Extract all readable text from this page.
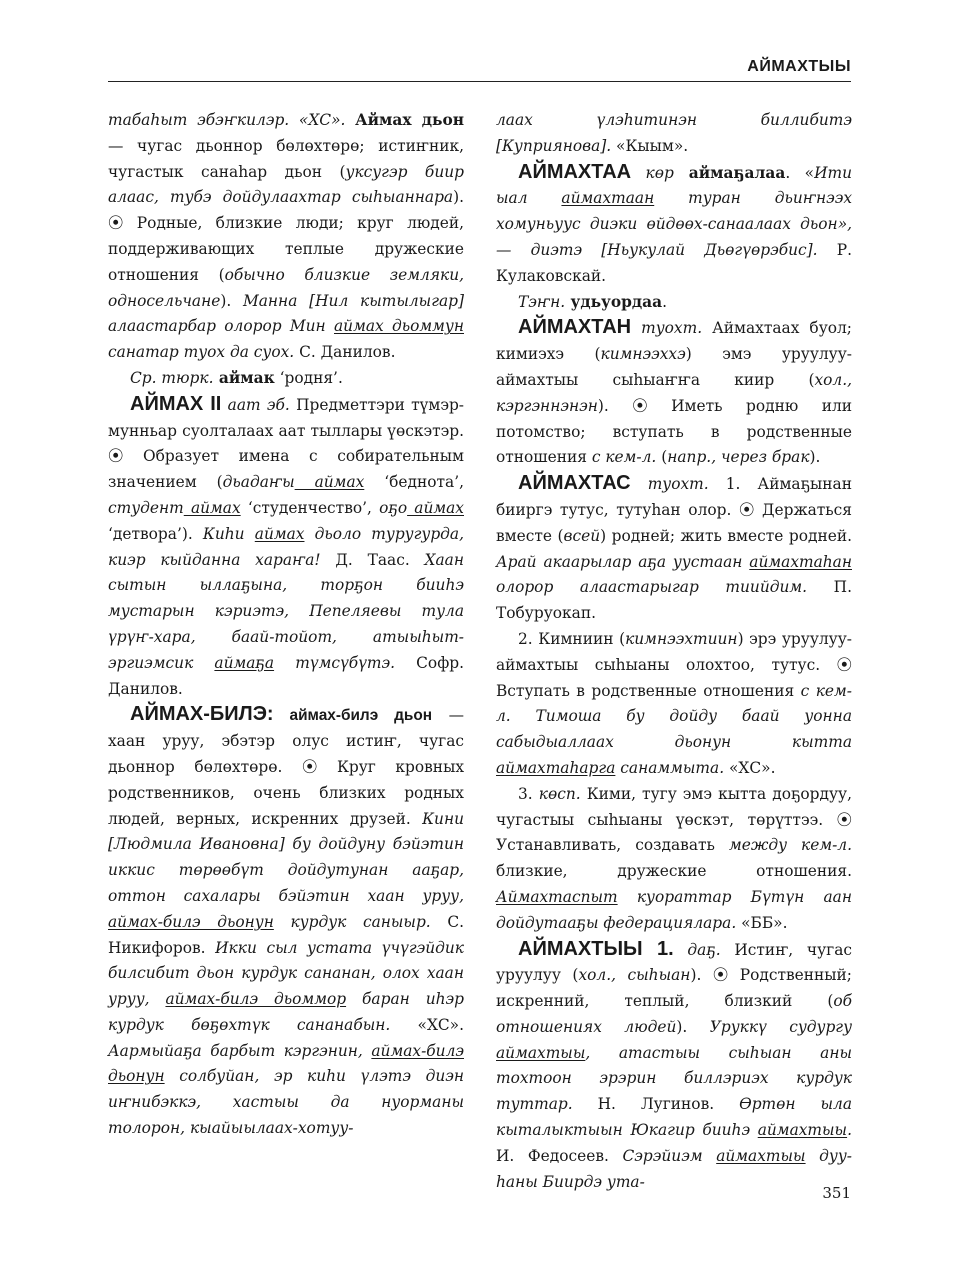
АЙМАХТЫЫ

табаһыт эбэҥкилэр. «ХС». Аймах дьон — чугас дьоннор бөлөхтөрө; истиҥник, чугастык санаһар дьон (уксугэр биир алаас, тубэ дойдулаахтар сыһыаннара). ⦿ Родные, близкие люди; круг людей, поддерживающих теплые дружеские отношения (обычно близкие земляки, односельчане). Манна [Нил кытылыгар] алаастарбар олорор Мин аймах дьоммун санатар туох да суох. С. Данилов.

Ср. тюрк. аймак ‘родня’.

АЙМАХ II аат эб. Предметтэри түмэр-мунньар суолталаах аат тыллары үөскэтэр. ⦿ Образует имена с собирательным значением (дьадаҥы аймах ‘беднота’, студент аймах ‘студенчество’, оҕо аймах ‘детвора’). Киһи аймах дьоло туругурда, киэр кыйданна хараҥа! Д. Таас. Хаан сытын ыллаҕына, торҕон бииһэ мустарын кэриэтэ, Пепеляевы тула үрүҥ-хара, баай-тойот, атыыһыт-эргиэмсик аймаҕа түмсүбүтэ. Софр. Данилов.

АЙМАХ-БИЛЭ: аймах-билэ дьон — хаан уруу, эбэтэр олус истиҥ, чугас дьоннор бөлөхтөрө. ⦿ Круг кровных родственников, очень близких родных людей, верных, искренних друзей. Кини [Людмила Ивановна] бу дойдуну бэйэтин иккис төрөөбүт дойдутунан ааҕар, оттон сахалары бэйэтин хаан уруу, аймах-билэ дьонун курдук саныыр. С. Никифоров. Икки сыл устата үчүгэйдик билсибит дьон курдук сананан, олох хаан уруу, аймах-билэ дьоммор баран иһэр курдук бөҕөхтүк сананабын. «ХС». Аармыйаҕа барбыт кэргэнин, аймах-билэ дьонун солбуйан, эр киһи үлэтэ диэн иҥнибэккэ, хастыы да нуорманы толорон, кыайыылаах-хотуу-

лаах үлэһитинэн биллибитэ [Куприянова]. «Кыым».

АЙМАХТАА көр аймаҕалаа. «Ити ыал аймахтаан туран дьиҥнээх хомуньуус диэки өйдөөх-санаалаах дьон», — диэтэ [Ньукулай Дьөгүөрэбис]. Р. Кулаковскай.

Тэҥн. удьуордаа.

АЙМАХТАН туохт. Аймахтаах буол; кимиэхэ (кимнээххэ) эмэ уруулуу-аймахтыы сыһыаҥҥа киир (хол., кэргэннэнэн). ⦿ Иметь родню или потомство; вступать в родственные отношения с кем-л. (напр., через брак).

АЙМАХТАС туохт. 1. Аймаҕынан бииргэ тутус, тутуһан олор. ⦿ Держаться вместе (всей) родней; жить вместе родней. Арай акаарылар аҕа уустаан аймахтаһан олорор алаастарыгар тиийдим. П. Тобуруокап.

2. Кимниин (кимнээхтиин) эрэ уруулуу-аймахтыы сыһыаны олохтоо, тутус. ⦿ Вступать в родственные отношения с кем-л. Тимоша бу дойду баай уонна сабыдыаллаах дьонун кытта аймахтаһарга санаммыта. «ХС».

3. көсп. Кими, тугу эмэ кытта доҕордуу, чугастыы сыһыаны үөскэт, төрүттээ. ⦿ Устанавливать, создавать между кем-л. близкие, дружеские отношения. Аймахтаспыт куораттар Бүтүн аан дойдутааҕы федерациялара. «ББ».

АЙМАХТЫЫ 1. даҕ. Истиҥ, чугас уруулуу (хол., сыһыан). ⦿ Родственный; искренний, теплый, близкий (об отношениях людей). Уруккү судургу аймахтыы, атастыы сыһыан аны тохтоон эрэрин биллэриэх курдук туттар. Н. Лугинов. Өртөн ыла кыталыктыын Юкагир бииһэ аймахтыы. И. Федосеев. Сэрэйиэм аймахтыы дууһаны Биирдэ ута-

351
